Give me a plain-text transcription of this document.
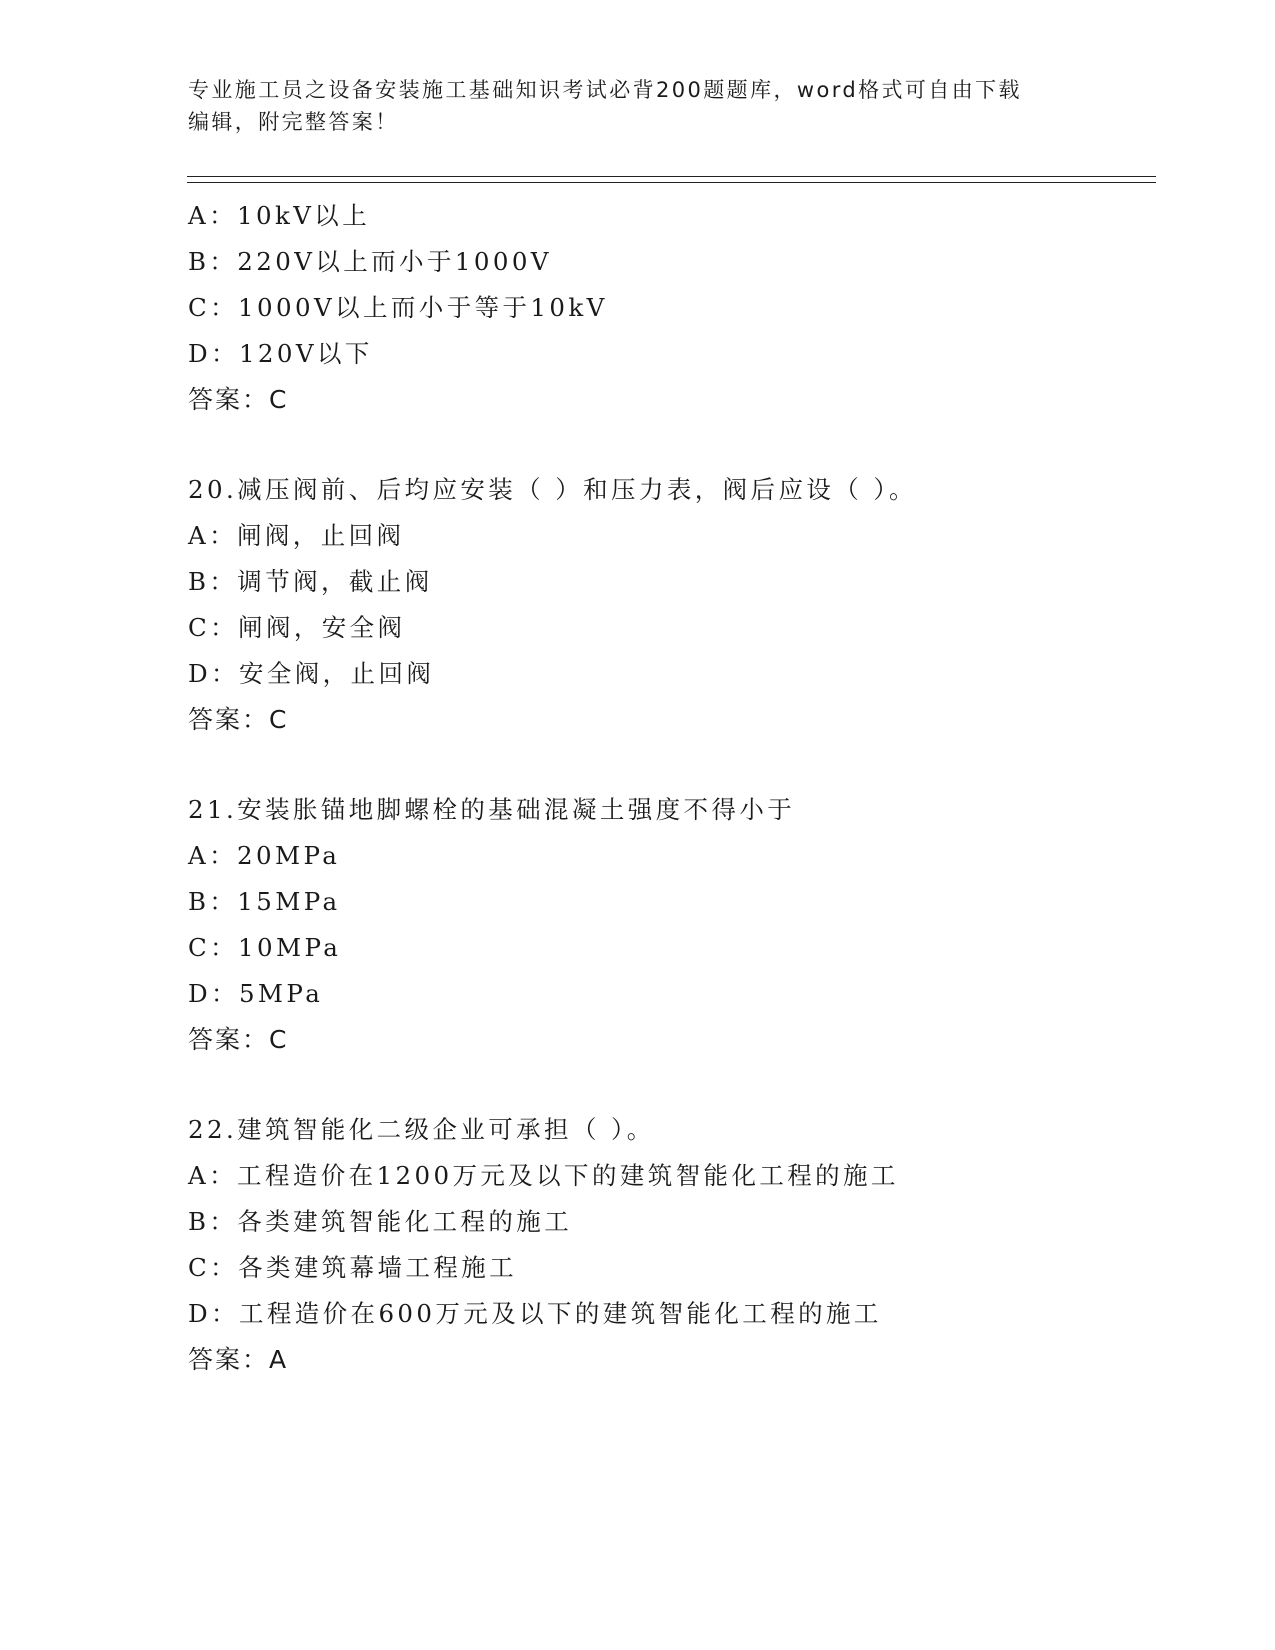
专业施工员之设备安装施工基础知识考试必背200题题库，word格式可自由下载
编辑，附完整答案！
A：10kV以上
B：220V以上而小于1000V
C：1000V以上而小于等于10kV
D：120V以下
答案：C
20.减压阀前、后均应安装（ ）和压力表，阀后应设（ ）。
A：闸阀，止回阀
B：调节阀，截止阀
C：闸阀，安全阀
D：安全阀，止回阀
答案：C
21.安装胀锚地脚螺栓的基础混凝土强度不得小于
A：20MPa
B：15MPa
C：10MPa
D：5MPa
答案：C
22.建筑智能化二级企业可承担（ ）。
A：工程造价在1200万元及以下的建筑智能化工程的施工
B：各类建筑智能化工程的施工
C：各类建筑幕墙工程施工
D：工程造价在600万元及以下的建筑智能化工程的施工
答案：A
